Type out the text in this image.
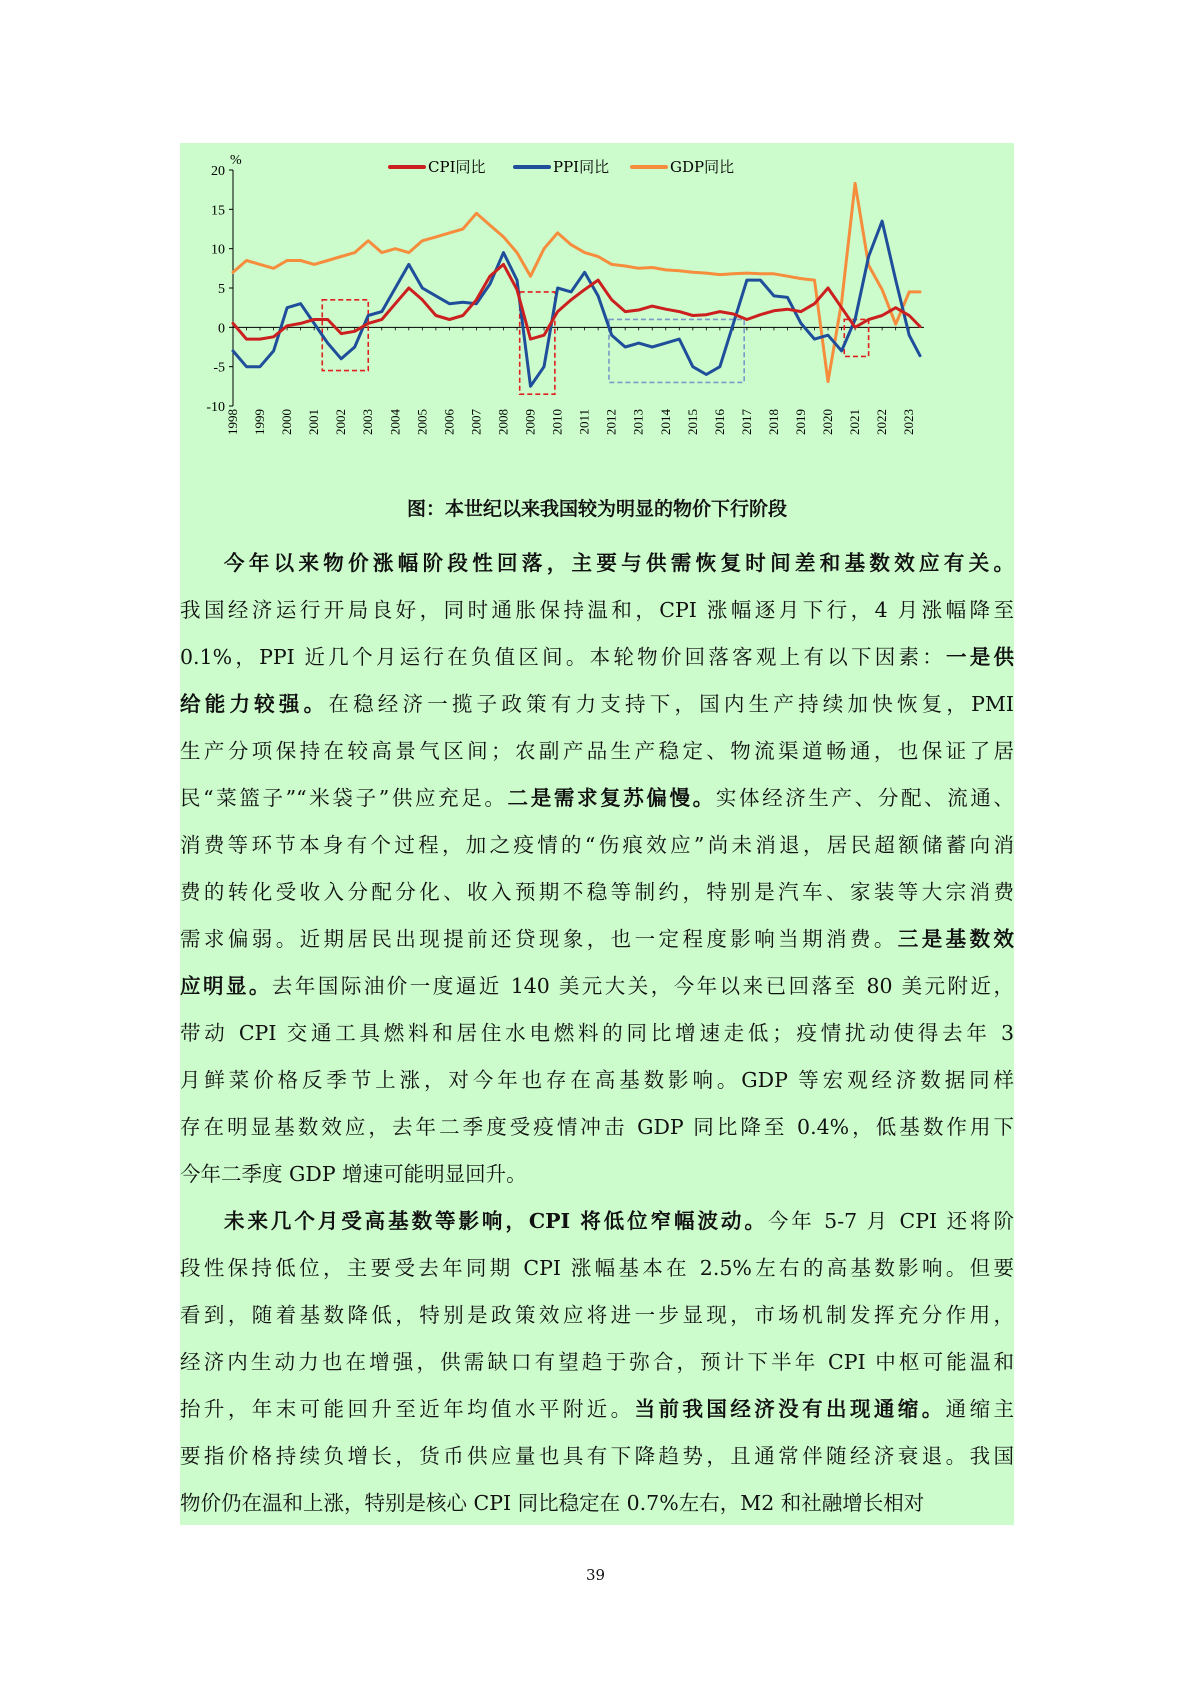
20
15
10
5
0
-5
-10
%
1998 1999 2000 2001 2002 2003 2004 2005 2006 2007 2008 2009 2010 2011 2012 2013 2014 2015 2016 2017 2018 2019 2020 2021 2022 2023
CPI同比	PPI同比	GDP同比
图：本世纪以来我国较为明显的物价下行阶段
今年以来物价涨幅阶段性回落，主要与供需恢复时间差和基数效应有关。
我国经济运行开局良好，同时通胀保持温和，CPI 涨幅逐月下行，4 月涨幅降至
0.1%，PPI 近几个月运行在负值区间。本轮物价回落客观上有以下因素：一是供
给能力较强。在稳经济一揽子政策有力支持下，国内生产持续加快恢复，PMI
生产分项保持在较高景气区间；农副产品生产稳定、物流渠道畅通，也保证了居
民“菜篮子”“米袋子”供应充足。二是需求复苏偏慢。实体经济生产、分配、流通、
消费等环节本身有个过程，加之疫情的“伤痕效应”尚未消退，居民超额储蓄向消
费的转化受收入分配分化、收入预期不稳等制约，特别是汽车、家装等大宗消费
需求偏弱。近期居民出现提前还贷现象，也一定程度影响当期消费。三是基数效
应明显。去年国际油价一度逼近 140 美元大关，今年以来已回落至 80 美元附近，
带动 CPI 交通工具燃料和居住水电燃料的同比增速走低；疫情扰动使得去年 3
月鲜菜价格反季节上涨，对今年也存在高基数影响。GDP 等宏观经济数据同样
存在明显基数效应，去年二季度受疫情冲击 GDP 同比降至 0.4%，低基数作用下
今年二季度 GDP 增速可能明显回升。
未来几个月受高基数等影响，CPI 将低位窄幅波动。今年 5-7 月 CPI 还将阶
段性保持低位，主要受去年同期 CPI 涨幅基本在 2.5%左右的高基数影响。但要
看到，随着基数降低，特别是政策效应将进一步显现，市场机制发挥充分作用，
经济内生动力也在增强，供需缺口有望趋于弥合，预计下半年 CPI 中枢可能温和
抬升，年末可能回升至近年均值水平附近。当前我国经济没有出现通缩。通缩主
要指价格持续负增长，货币供应量也具有下降趋势，且通常伴随经济衰退。我国
物价仍在温和上涨，特别是核心 CPI 同比稳定在 0.7%左右，M2 和社融增长相对
39
